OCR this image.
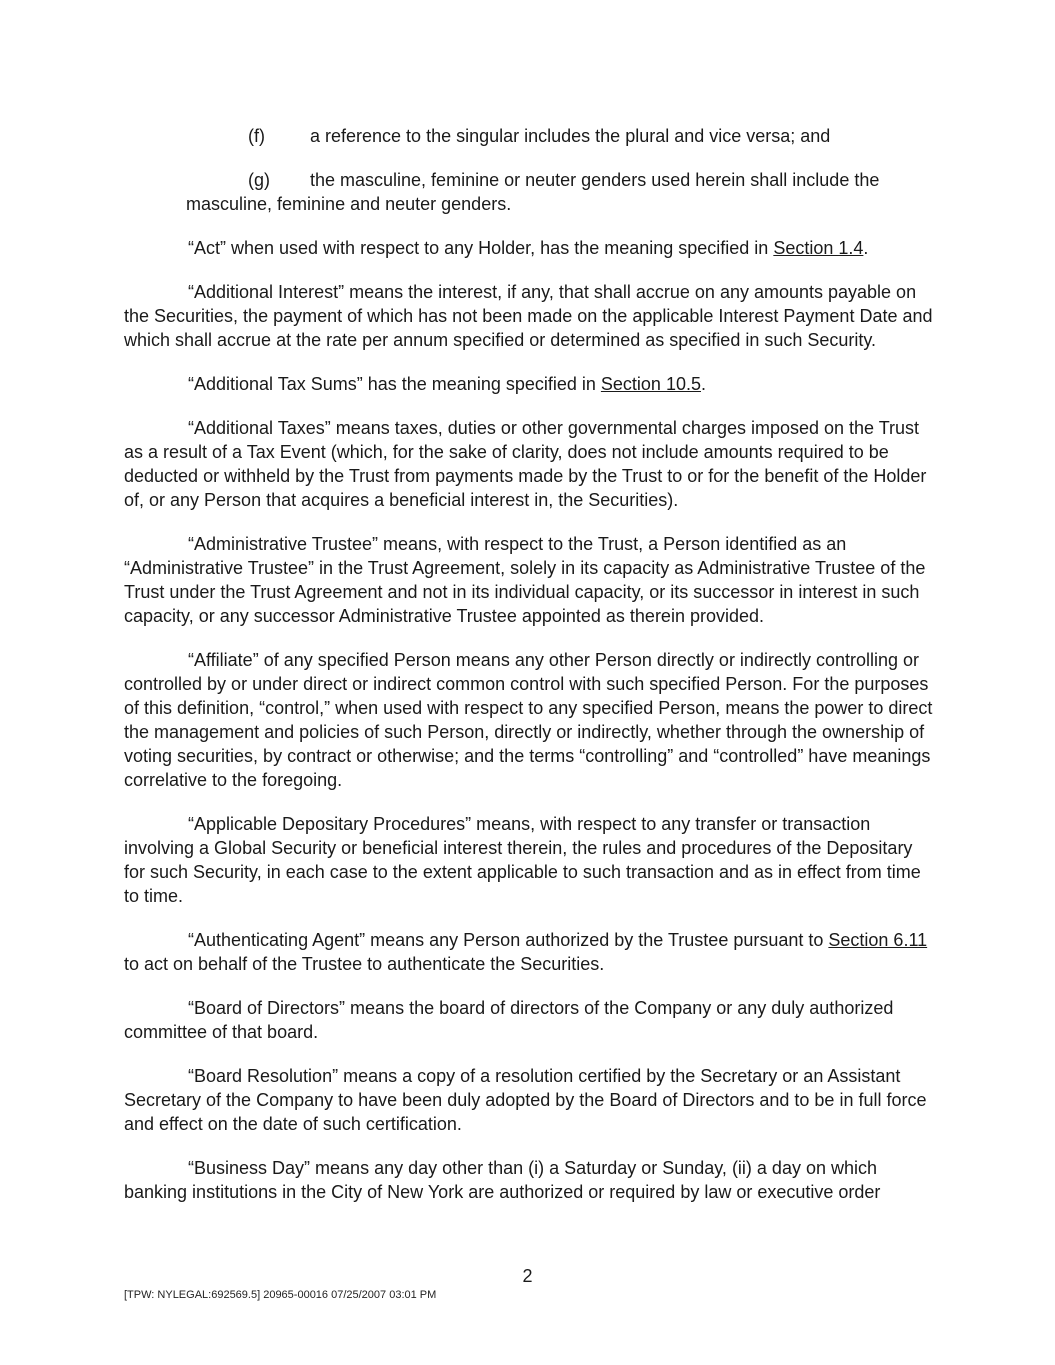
(f)	a reference to the singular includes the plural and vice versa; and

(g) the masculine, feminine or neuter genders used herein shall include the masculine, feminine and neuter genders.

“Act” when used with respect to any Holder, has the meaning specified in Section 1.4.

“Additional Interest” means the interest, if any, that shall accrue on any amounts payable on the Securities, the payment of which has not been made on the applicable Interest Payment Date and which shall accrue at the rate per annum specified or determined as specified in such Security.

“Additional Tax Sums” has the meaning specified in Section 10.5.

“Additional Taxes” means taxes, duties or other governmental charges imposed on the Trust as a result of a Tax Event (which, for the sake of clarity, does not include amounts required to be deducted or withheld by the Trust from payments made by the Trust to or for the benefit of the Holder of, or any Person that acquires a beneficial interest in, the Securities).

“Administrative Trustee” means, with respect to the Trust, a Person identified as an “Administrative Trustee” in the Trust Agreement, solely in its capacity as Administrative Trustee of the Trust under the Trust Agreement and not in its individual capacity, or its successor in interest in such capacity, or any successor Administrative Trustee appointed as therein provided.

“Affiliate” of any specified Person means any other Person directly or indirectly controlling or controlled by or under direct or indirect common control with such specified Person. For the purposes of this definition, “control,” when used with respect to any specified Person, means the power to direct the management and policies of such Person, directly or indirectly, whether through the ownership of voting securities, by contract or otherwise; and the terms “controlling” and “controlled” have meanings correlative to the foregoing.

“Applicable Depositary Procedures” means, with respect to any transfer or transaction involving a Global Security or beneficial interest therein, the rules and procedures of the Depositary for such Security, in each case to the extent applicable to such transaction and as in effect from time to time.

“Authenticating Agent” means any Person authorized by the Trustee pursuant to Section 6.11 to act on behalf of the Trustee to authenticate the Securities.

“Board of Directors” means the board of directors of the Company or any duly authorized committee of that board.

“Board Resolution” means a copy of a resolution certified by the Secretary or an Assistant Secretary of the Company to have been duly adopted by the Board of Directors and to be in full force and effect on the date of such certification.

“Business Day” means any day other than (i) a Saturday or Sunday, (ii) a day on which banking institutions in the City of New York are authorized or required by law or executive order

2
[TPW: NYLEGAL:692569.5] 20965-00016 07/25/2007 03:01 PM
